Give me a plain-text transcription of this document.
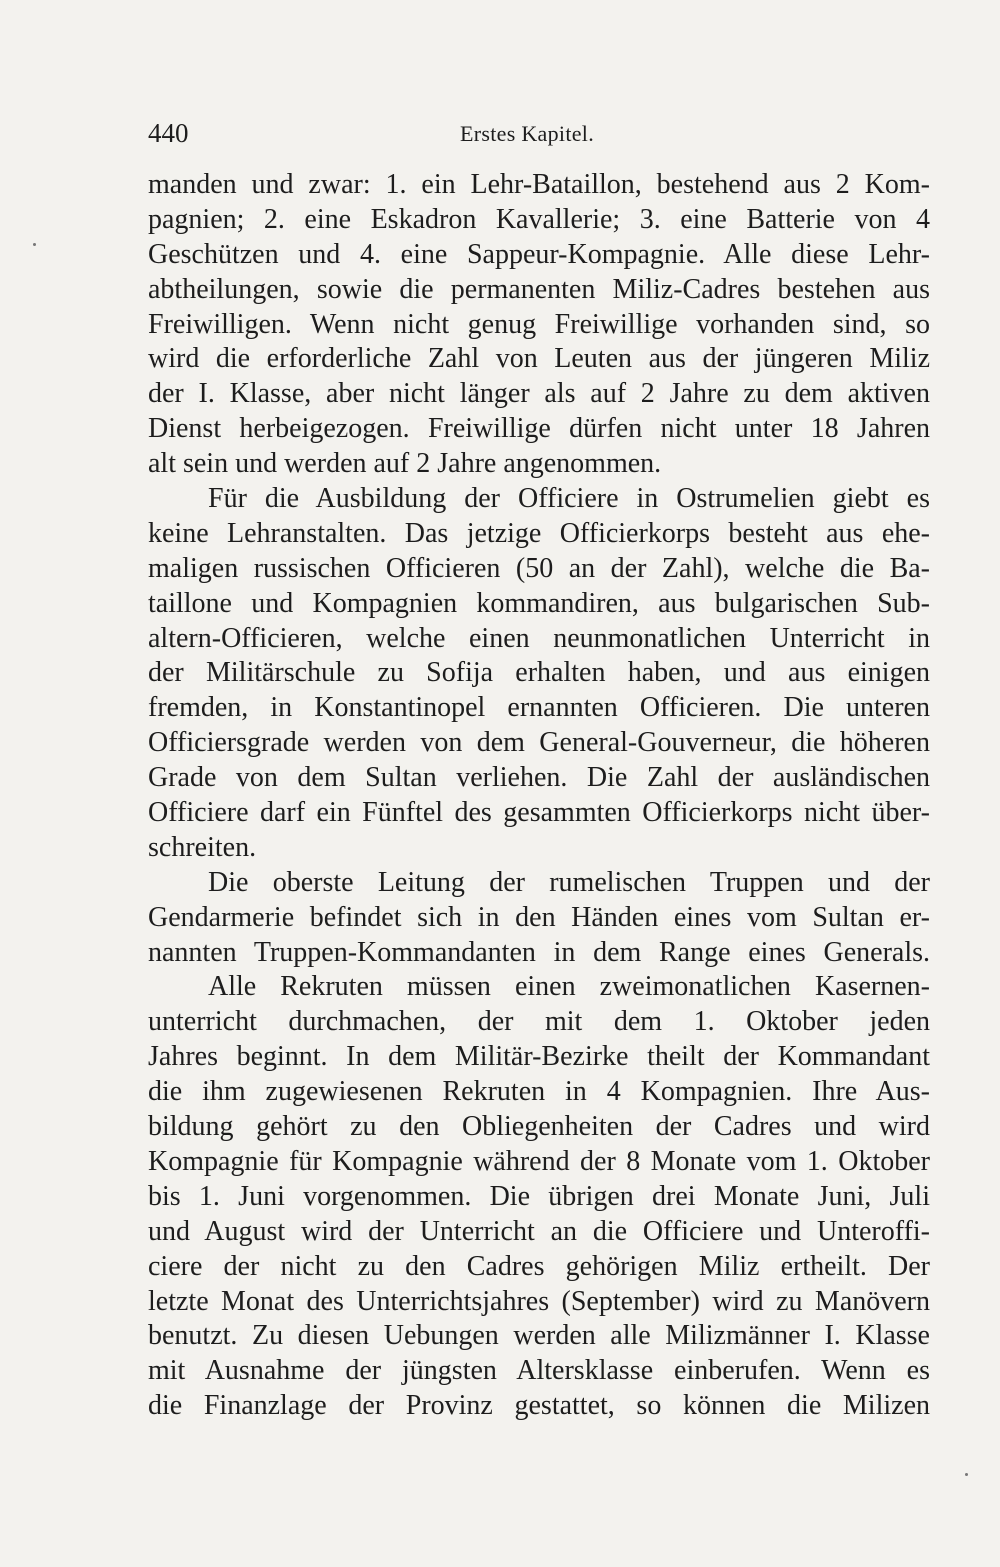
440	Erstes Kapitel.
manden und zwar: 1. ein Lehr-Bataillon, bestehend aus 2 Kom-
pagnien; 2. eine Eskadron Kavallerie; 3. eine Batterie von 4
Geschützen und 4. eine Sappeur-Kompagnie. Alle diese Lehr-
abtheilungen, sowie die permanenten Miliz-Cadres bestehen aus
Freiwilligen. Wenn nicht genug Freiwillige vorhanden sind, so
wird die erforderliche Zahl von Leuten aus der jüngeren Miliz
der I. Klasse, aber nicht länger als auf 2 Jahre zu dem aktiven
Dienst herbeigezogen. Freiwillige dürfen nicht unter 18 Jahren
alt sein und werden auf 2 Jahre angenommen.
Für die Ausbildung der Officiere in Ostrumelien giebt es
keine Lehranstalten. Das jetzige Officierkorps besteht aus ehe-
maligen russischen Officieren (50 an der Zahl), welche die Ba-
taillone und Kompagnien kommandiren, aus bulgarischen Sub-
altern-Officieren, welche einen neunmonatlichen Unterricht in
der Militärschule zu Sofija erhalten haben, und aus einigen
fremden, in Konstantinopel ernannten Officieren. Die unteren
Officiersgrade werden von dem General-Gouverneur, die höheren
Grade von dem Sultan verliehen. Die Zahl der ausländischen
Officiere darf ein Fünftel des gesammten Officierkorps nicht über-
schreiten.
Die oberste Leitung der rumelischen Truppen und der
Gendarmerie befindet sich in den Händen eines vom Sultan er-
nannten Truppen-Kommandanten in dem Range eines Generals.
Alle Rekruten müssen einen zweimonatlichen Kasernen-
unterricht durchmachen, der mit dem 1. Oktober jeden
Jahres beginnt. In dem Militär-Bezirke theilt der Kommandant
die ihm zugewiesenen Rekruten in 4 Kompagnien. Ihre Aus-
bildung gehört zu den Obliegenheiten der Cadres und wird
Kompagnie für Kompagnie während der 8 Monate vom 1. Oktober
bis 1. Juni vorgenommen. Die übrigen drei Monate Juni, Juli
und August wird der Unterricht an die Officiere und Unteroffi-
ciere der nicht zu den Cadres gehörigen Miliz ertheilt. Der
letzte Monat des Unterrichtsjahres (September) wird zu Manövern
benutzt. Zu diesen Uebungen werden alle Milizmänner I. Klasse
mit Ausnahme der jüngsten Altersklasse einberufen. Wenn es
die Finanzlage der Provinz gestattet, so können die Milizen
